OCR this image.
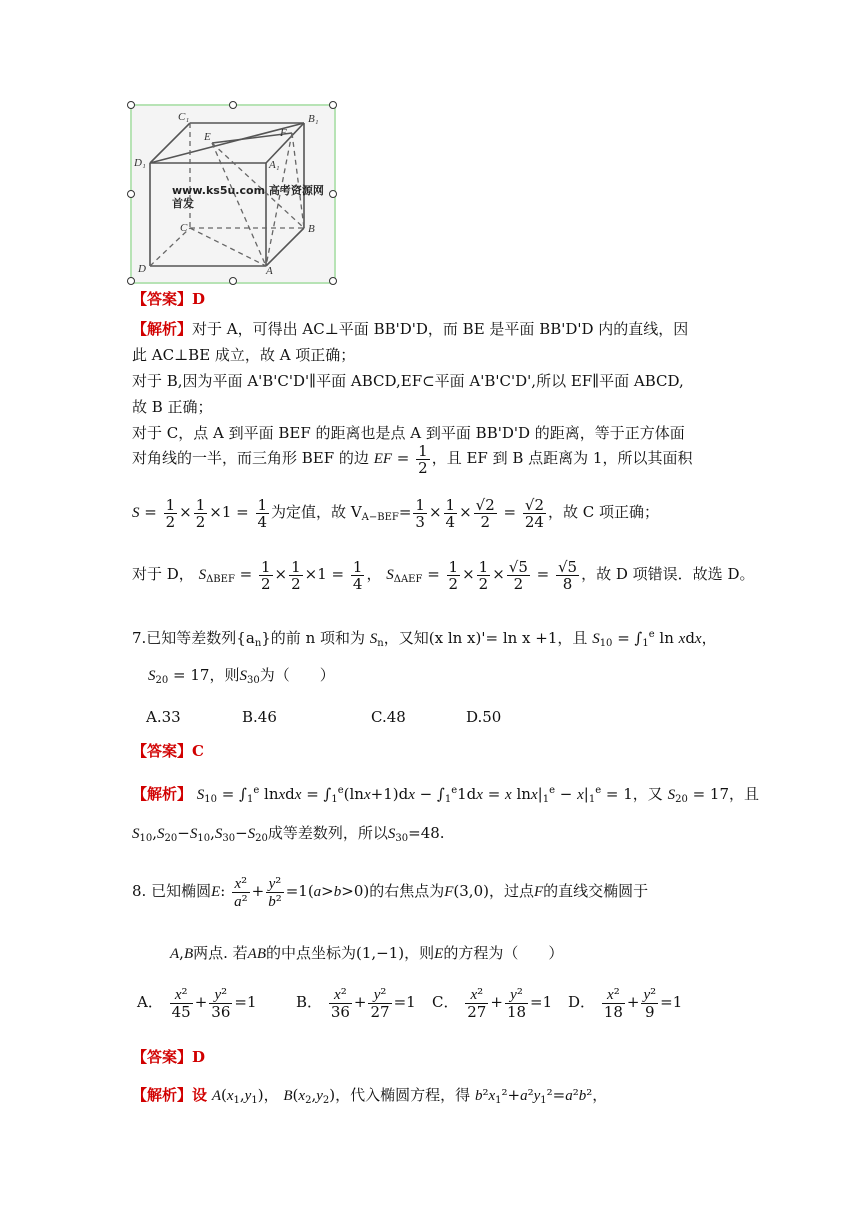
C₁	B₁
D₁	A₁
E	F
C	B
D	A
www.ks5u.com 高考资源网
首发
【答案】D
【解析】对于 A，可得出 AC⊥平面 BB'D'D，而 BE 是平面 BB'D'D 内的直线，因
此 AC⊥BE 成立，故 A 项正确；
对于 B,因为平面 A'B'C'D'∥平面 ABCD,EF⊂平面 A'B'C'D',所以 EF∥平面 ABCD,
故 B 正确；
对于 C，点 A 到平面 BEF 的距离也是点 A 到平面 BB'D'D 的距离，等于正方体面
对角线的一半，而三角形 BEF 的边 EF = $\frac{1}{2}$ ，且 EF 到 B 点距离为 1，所以其面积
$S = \frac{1}{2} \times \frac{1}{2} \times 1 = \frac{1}{4}$ 为定值，故 $V_{A-BEF}= \frac{1}{3} \times \frac{1}{4} \times \frac{√2}{2} = \frac{√2}{24}$ ，故 C 项正确；
对于 D， $S_{\Delta BEF} = \frac{1}{2} \times \frac{1}{2} \times 1 = \frac{1}{4}$ ， $S_{\Delta AEF} = \frac{1}{2} \times \frac{1}{2} \times \frac{√5}{2} = \frac{√5}{8}$ ，故 D 项错误．故选 D。
7.已知等差数列$\{a_n\}$的前 n 项和为 $S_n$，又知(x ln x)'= ln x +1，且 $S_{10} = \int_1^e$ ln xdx，
$S_{20} = 17$，则$S_{30}$为（　　）
A.33	B.46	C.48	D.50
【答案】C
【解析】 $S_{10} = \int_1^e$ lnxdx = $\int_1^e(\ln x+1)dx - \int_1^e1dx = x$ $\ln x|_1^e - x|_1^e = 1$，又 $S_{20} = 17$，且
$S_{10},S_{20}-S_{10},S_{30}-S_{20}$成等差数列，所以$S_{30}=48$.
8. 已知椭圆E: $\frac{\text{x²}}{\text{a²}} + \frac{\text{y²}}{\text{b²}} =1(a>b>0)$的右焦点为F(3,0)，过点F的直线交椭圆于
A,B两点. 若AB的中点坐标为(1,−1)，则E的方程为（　　）
A． $\frac{\text{x²}}{45} + \frac{\text{y²}}{36} =1$	B． $\frac{\text{x²}}{36} + \frac{\text{y²}}{27} =1$ C． $\frac{\text{x²}}{27} + \frac{\text{y²}}{18} =1$ D． $\frac{\text{x²}}{18} + \frac{\text{y²}}{9} =1$
【答案】D
【解析】设 $A(x_1,y_1)$， $B(x_2,y_2)$，代入椭圆方程，得 $b^2x_1^2+a^2y_1^2=a^2b^2$，
